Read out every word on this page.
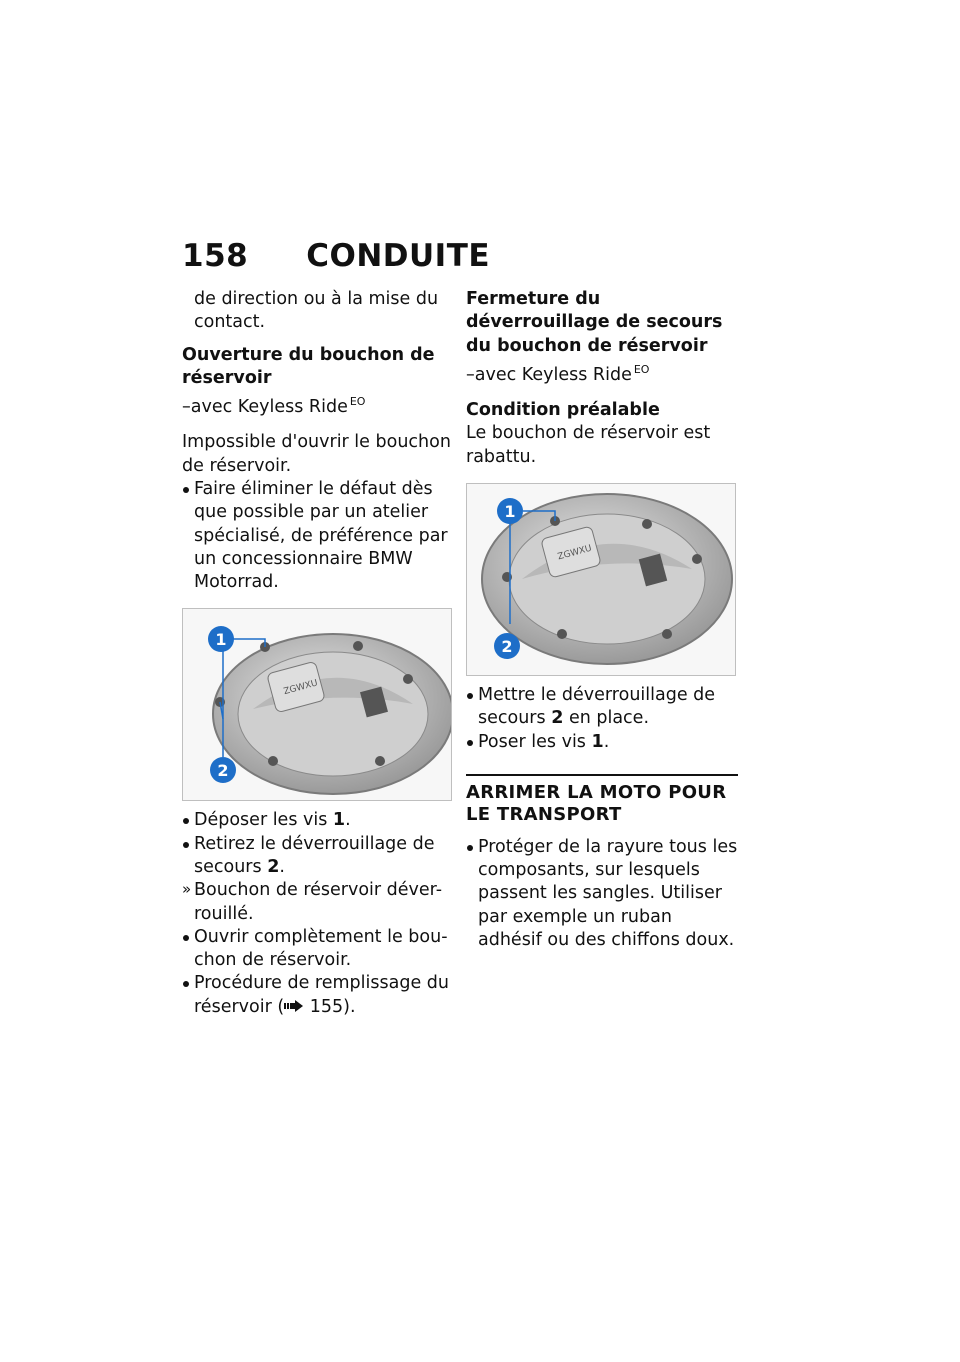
158 CONDUITE

de direction ou à la mise du contact.

Ouverture du bouchon de réservoir

–avec Keyless Ride $^{EO}$

Impossible d'ouvrir le bouchon de réservoir.

Faire éliminer le défaut dès que possible par un atelier spécialisé, de préférence par un concessionnaire BMW Motorrad.
ZGWXU
1
2
Déposer les vis 1.
Retirez le déverrouillage de secours 2.
» Bouchon de réservoir déver-rouillé.
Ouvrir complètement le bou-chon de réservoir.
Procédure de remplissage du réservoir ( 155).

Fermeture du déverrouillage de secours du bouchon de réservoir

–avec Keyless Ride $^{EO}$

Condition préalable

Le bouchon de réservoir est rabattu.

ZGWXU
1
2
Mettre le déverrouillage de secours 2 en place.
Poser les vis 1.
ARRIMER LA MOTO POUR LE TRANSPORT
Protéger de la rayure tous les composants, sur lesquels passent les sangles. Utiliser par exemple un ruban adhésif ou des chiffons doux.
